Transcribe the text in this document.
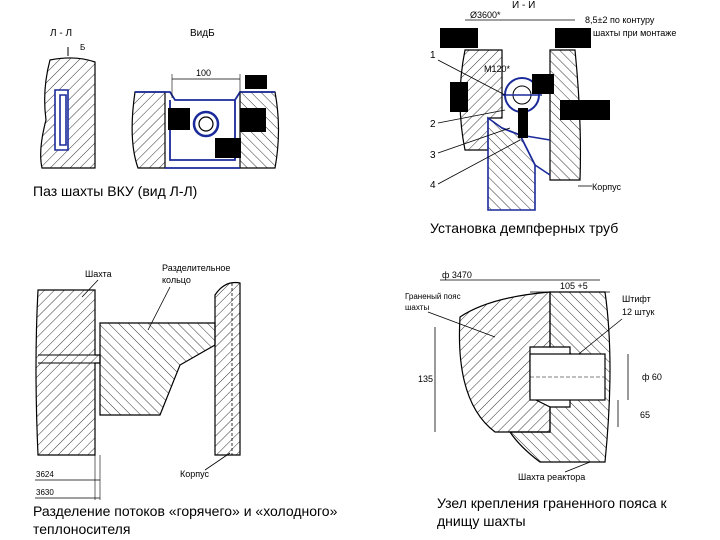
Л - Л
Б
ВидБ
100
Паз шахты ВКУ (вид Л-Л)
И - И
Ø3600*	8,5±2 по контуру
шахты при монтаже
М120*
1
2
3
4	Корпус
Установка демпферных труб
Шахта
Разделительное
кольцо
Корпус
3624
3630
Разделение потоков «горячего» и «холодного»
теплоносителя
ф 3470
105 +5
Граненый пояс
шахты
Штифт
12 штук
135	ф 60
65
Шахта реактора
Узел крепления граненного пояса к
днищу шахты
